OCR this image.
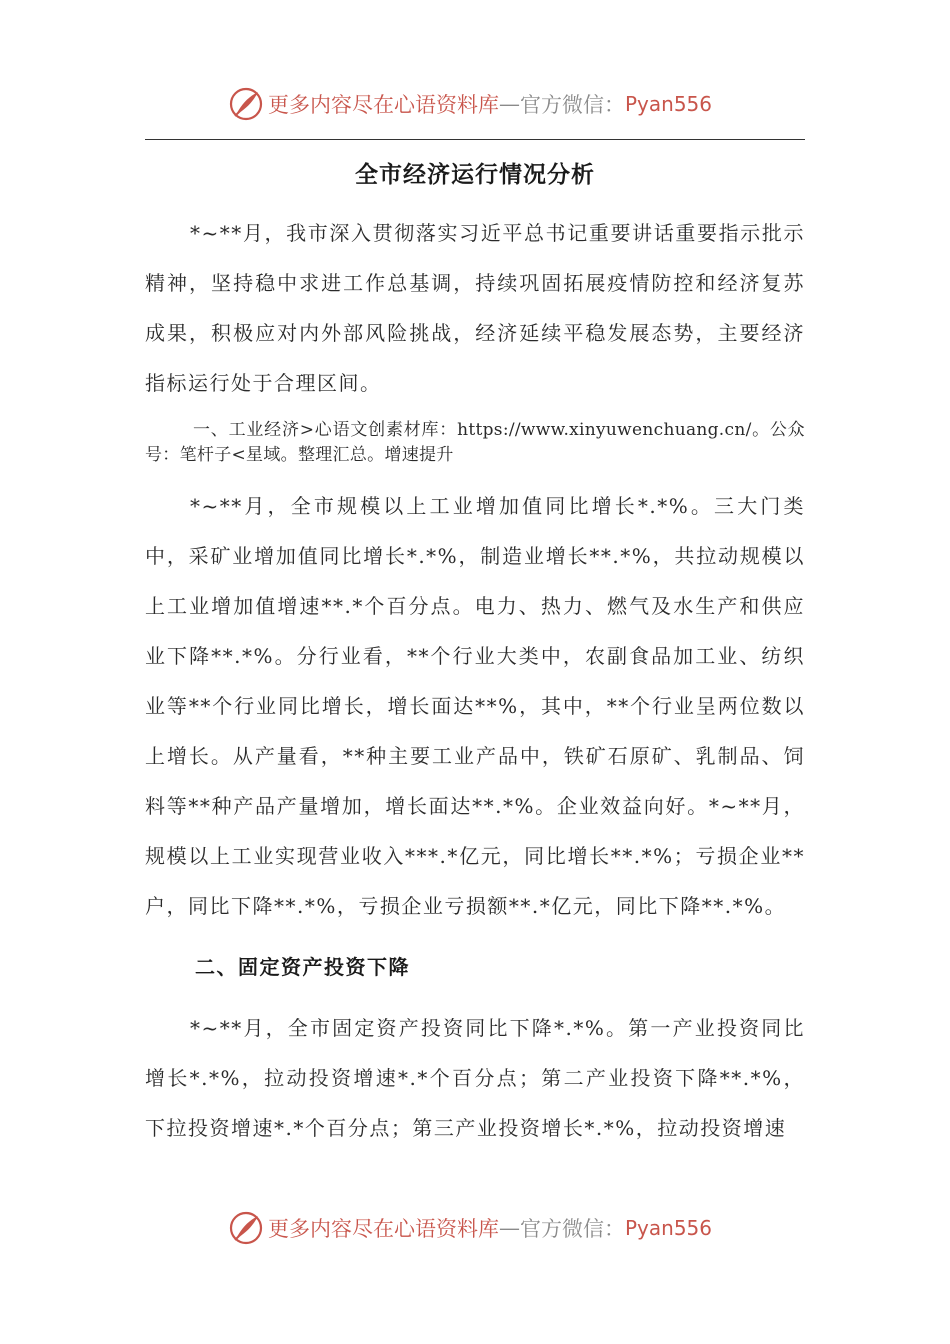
更多内容尽在心语资料库 — 官方微信： Pyan556
全市经济运行情况分析
*~**月，我市深入贯彻落实习近平总书记重要讲话重要指示批示精神，坚持稳中求进工作总基调，持续巩固拓展疫情防控和经济复苏成果，积极应对内外部风险挑战，经济延续平稳发展态势，主要经济指标运行处于合理区间。
一、工业经济>心语文创素材库：https://www.xinyuwenchuang.cn/。公众号：笔杆子<星域。整理汇总。增速提升
*~**月，全市规模以上工业增加值同比增长*.*%。三大门类中，采矿业增加值同比增长*.*%，制造业增长**.*%，共拉动规模以上工业增加值增速**.*个百分点。电力、热力、燃气及水生产和供应业下降**.*%。分行业看，**个行业大类中，农副食品加工业、纺织业等**个行业同比增长，增长面达**%，其中，**个行业呈两位数以上增长。从产量看，**种主要工业产品中，铁矿石原矿、乳制品、饲料等**种产品产量增加，增长面达**.*%。企业效益向好。*~**月，规模以上工业实现营业收入***.*亿元，同比增长**.*%；亏损企业**户，同比下降**.*%，亏损企业亏损额**.*亿元，同比下降**.*%。
二、固定资产投资下降
*~**月，全市固定资产投资同比下降*.*%。第一产业投资同比增长*.*%，拉动投资增速*.*个百分点；第二产业投资下降**.*%，下拉投资增速*.*个百分点；第三产业投资增长*.*%，拉动投资增速
更多内容尽在心语资料库 — 官方微信： Pyan556
